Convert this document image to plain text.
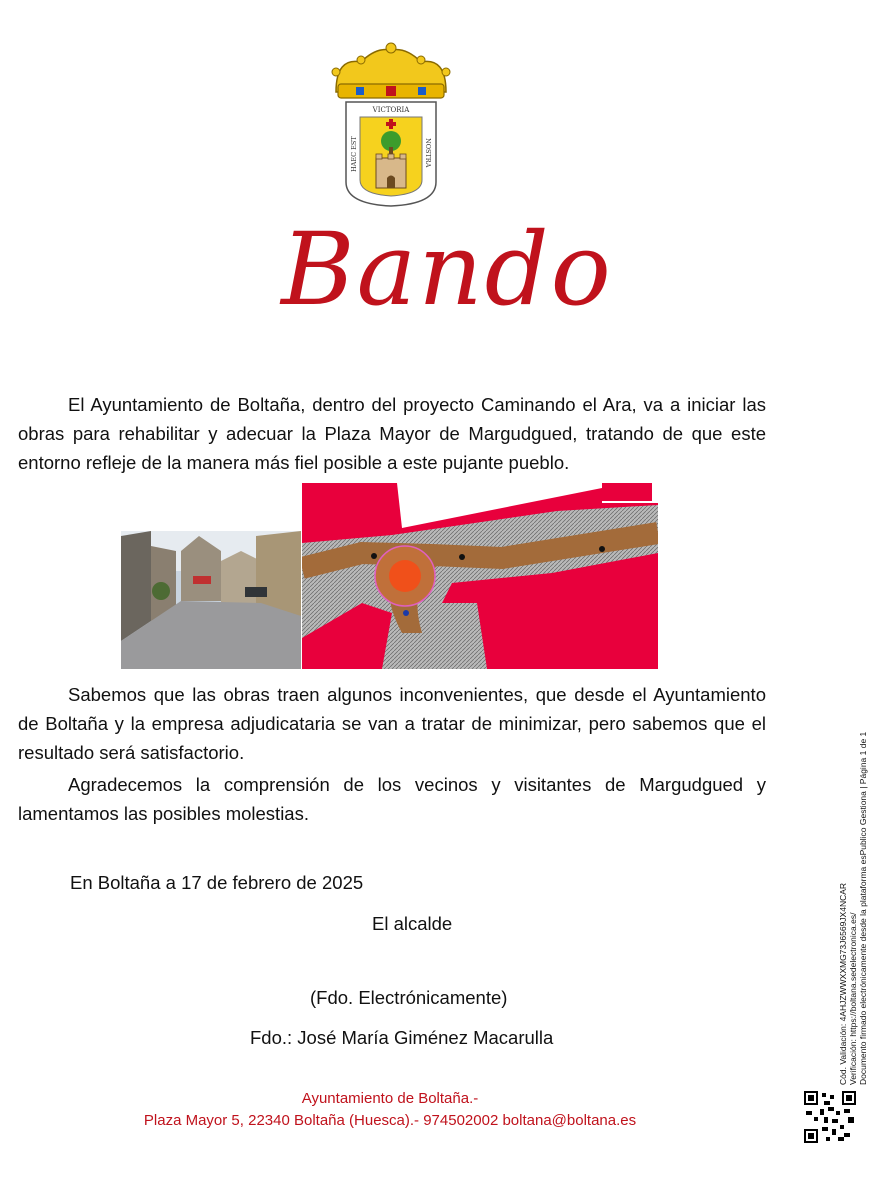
VICTORIA
HAEC EST	NOSTRA
Bando

El Ayuntamiento de Boltaña, dentro del proyecto Caminando el Ara, va a iniciar las obras para rehabilitar y adecuar la Plaza Mayor de Margudgued, tratando de que este entorno refleje de la manera más fiel posible a este pujante pueblo.

Sabemos que las obras traen algunos inconvenientes, que desde el Ayuntamiento de Boltaña y la empresa adjudicataria se van a tratar de minimizar, pero sabemos que el resultado será satisfactorio.

Agradecemos la comprensión de los vecinos y visitantes de Margudgued y lamentamos las posibles molestias.

En Boltaña a 17 de febrero de 2025
El alcalde
(Fdo. Electrónicamente)
Fdo.: José María Giménez Macarulla
Ayuntamiento de Boltaña.-
Plaza Mayor 5, 22340 Boltaña (Huesca).- 974502002 boltana@boltana.es
Cód. Validación: 4AHJZWWXXMG73J6569JX4NCAR Verificación: https://boltana.sedelectronica.es/ Documento firmado electrónicamente desde la plataforma esPublico Gestiona | Página 1 de 1
